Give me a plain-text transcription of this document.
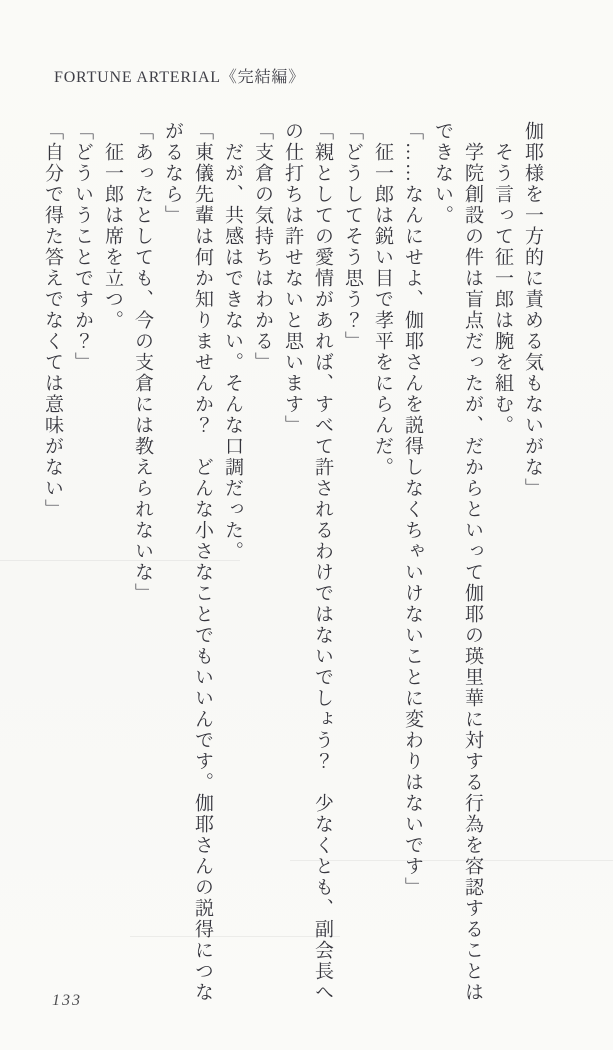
FORTUNE ARTERIAL《完結編》

伽耶様を一方的に責める気もないがな」

　そう言って征一郎は腕を組む。

　学院創設の件は盲点だったが、だからといって伽耶の瑛里華に対する行為を容認することは

できない。

「……なんにせよ、伽耶さんを説得しなくちゃいけないことに変わりはないです」

　征一郎は鋭い目で孝平をにらんだ。

「どうしてそう思う？」

「親としての愛情があれば、すべて許されるわけではないでしょう？　少なくとも、副会長へ

の仕打ちは許せないと思います」

「支倉の気持ちはわかる」

　だが、共感はできない。そんな口調だった。

「東儀先輩は何か知りませんか？　どんな小さなことでもいいんです。伽耶さんの説得につな

がるなら」

「あったとしても、今の支倉には教えられないな」

　征一郎は席を立つ。

「どういうことですか？」

「自分で得た答えでなくては意味がない」

133
